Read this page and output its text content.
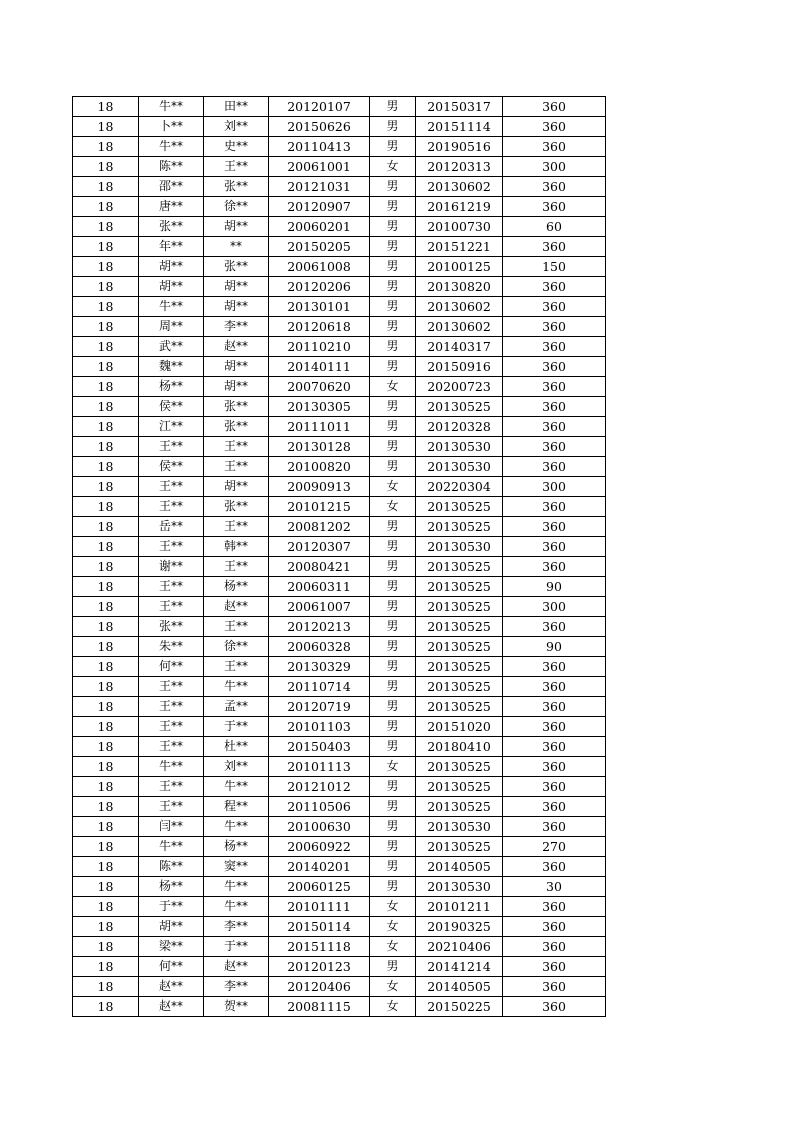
18	牛**	田**	20120107	男	20150317	360
18	卜**	刘**	20150626	男	20151114	360
18	牛**	史**	20110413	男	20190516	360
18	陈**	王**	20061001	女	20120313	300
18	邵**	张**	20121031	男	20130602	360
18	唐**	徐**	20120907	男	20161219	360
18	张**	胡**	20060201	男	20100730	60
18	年**	**	20150205	男	20151221	360
18	胡**	张**	20061008	男	20100125	150
18	胡**	胡**	20120206	男	20130820	360
18	牛**	胡**	20130101	男	20130602	360
18	周**	李**	20120618	男	20130602	360
18	武**	赵**	20110210	男	20140317	360
18	魏**	胡**	20140111	男	20150916	360
18	杨**	胡**	20070620	女	20200723	360
18	侯**	张**	20130305	男	20130525	360
18	江**	张**	20111011	男	20120328	360
18	王**	王**	20130128	男	20130530	360
18	侯**	王**	20100820	男	20130530	360
18	王**	胡**	20090913	女	20220304	300
18	王**	张**	20101215	女	20130525	360
18	岳**	王**	20081202	男	20130525	360
18	王**	韩**	20120307	男	20130530	360
18	谢**	王**	20080421	男	20130525	360
18	王**	杨**	20060311	男	20130525	90
18	王**	赵**	20061007	男	20130525	300
18	张**	王**	20120213	男	20130525	360
18	朱**	徐**	20060328	男	20130525	90
18	何**	王**	20130329	男	20130525	360
18	王**	牛**	20110714	男	20130525	360
18	王**	孟**	20120719	男	20130525	360
18	王**	于**	20101103	男	20151020	360
18	王**	杜**	20150403	男	20180410	360
18	牛**	刘**	20101113	女	20130525	360
18	王**	牛**	20121012	男	20130525	360
18	王**	程**	20110506	男	20130525	360
18	闫**	牛**	20100630	男	20130530	360
18	牛**	杨**	20060922	男	20130525	270
18	陈**	窦**	20140201	男	20140505	360
18	杨**	牛**	20060125	男	20130530	30
18	于**	牛**	20101111	女	20101211	360
18	胡**	李**	20150114	女	20190325	360
18	梁**	于**	20151118	女	20210406	360
18	何**	赵**	20120123	男	20141214	360
18	赵**	李**	20120406	女	20140505	360
18	赵**	贺**	20081115	女	20150225	360
